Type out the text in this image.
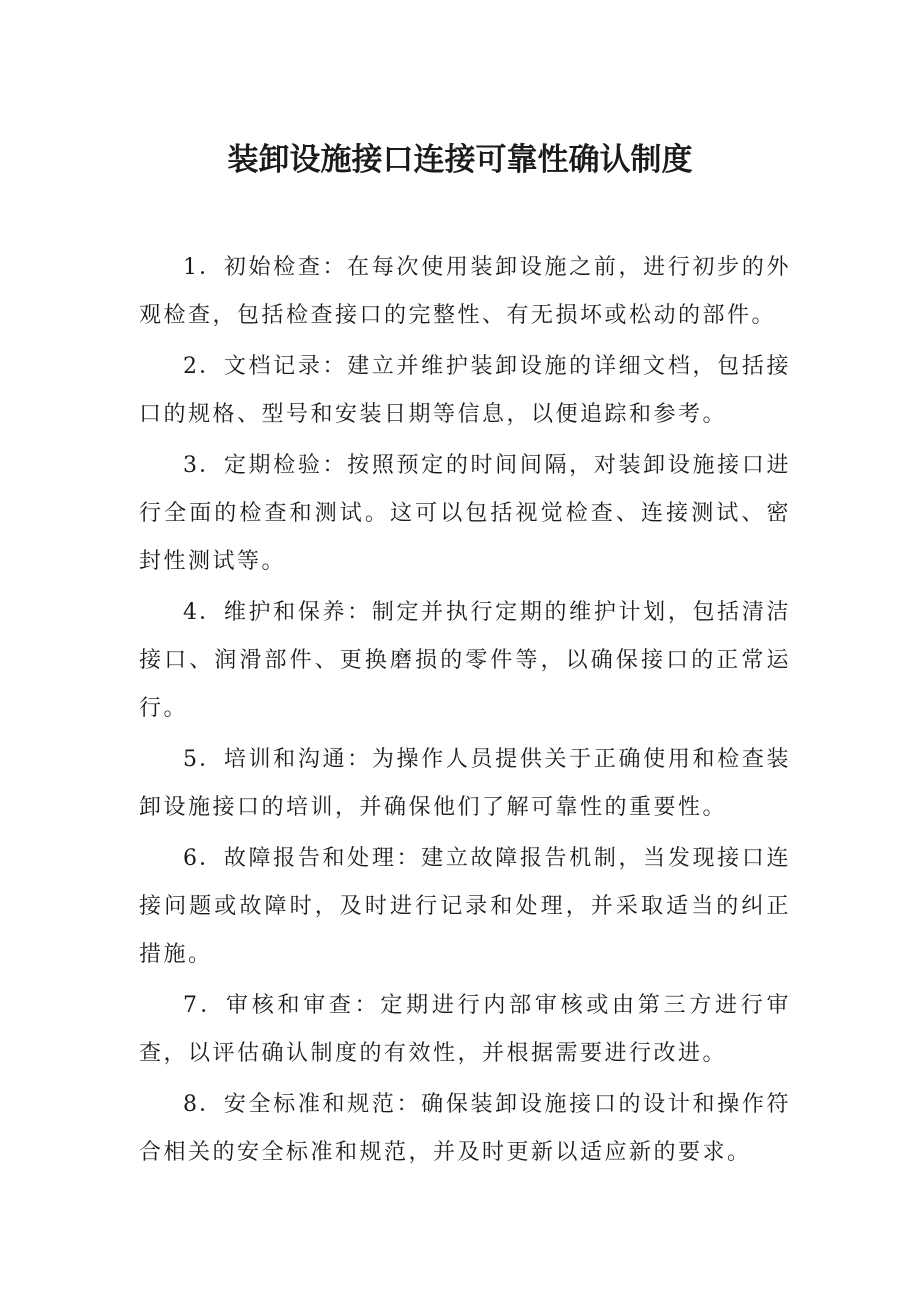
装卸设施接口连接可靠性确认制度

1．初始检查：在每次使用装卸设施之前，进行初步的外观检查，包括检查接口的完整性、有无损坏或松动的部件。

2．文档记录：建立并维护装卸设施的详细文档，包括接口的规格、型号和安装日期等信息，以便追踪和参考。

3．定期检验：按照预定的时间间隔，对装卸设施接口进行全面的检查和测试。这可以包括视觉检查、连接测试、密封性测试等。

4．维护和保养：制定并执行定期的维护计划，包括清洁接口、润滑部件、更换磨损的零件等，以确保接口的正常运行。

5．培训和沟通：为操作人员提供关于正确使用和检查装卸设施接口的培训，并确保他们了解可靠性的重要性。

6．故障报告和处理：建立故障报告机制，当发现接口连接问题或故障时，及时进行记录和处理，并采取适当的纠正措施。

7．审核和审查：定期进行内部审核或由第三方进行审查，以评估确认制度的有效性，并根据需要进行改进。

8．安全标准和规范：确保装卸设施接口的设计和操作符合相关的安全标准和规范，并及时更新以适应新的要求。
